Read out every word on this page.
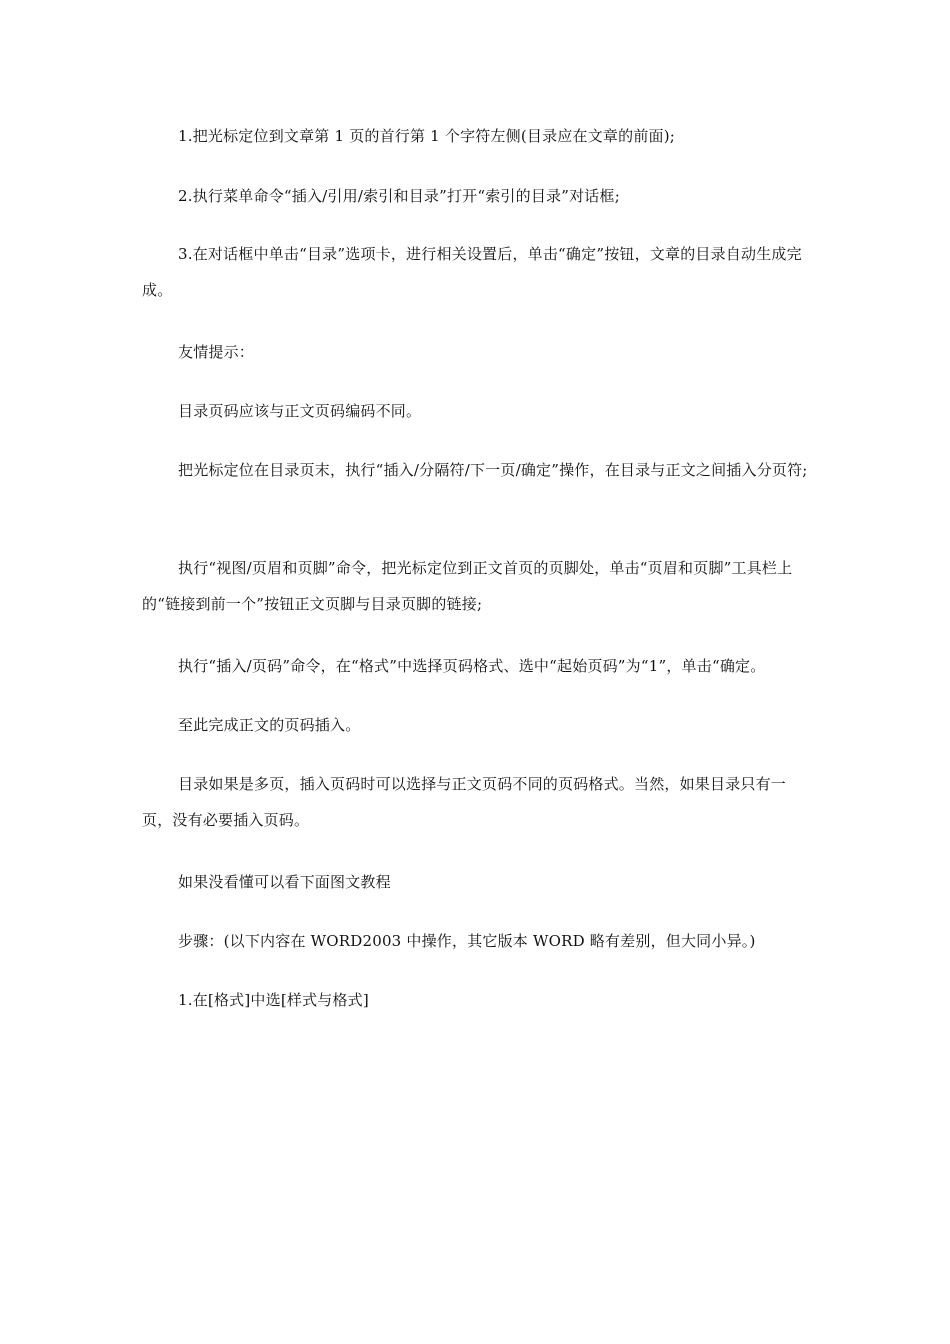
1.把光标定位到文章第 1 页的首行第 1 个字符左侧(目录应在文章的前面);

2.执行菜单命令“插入/引用/索引和目录”打开“索引的目录”对话框;

3.在对话框中单击“目录”选项卡，进行相关设置后，单击“确定”按钮，文章的目录自动生成完成。

友情提示：

目录页码应该与正文页码编码不同。

把光标定位在目录页末，执行“插入/分隔符/下一页/确定”操作，在目录与正文之间插入分页符;

执行“视图/页眉和页脚”命令，把光标定位到正文首页的页脚处，单击“页眉和页脚”工具栏上的“链接到前一个”按钮正文页脚与目录页脚的链接;

执行“插入/页码”命令，在“格式”中选择页码格式、选中“起始页码”为“1”，单击“确定。

至此完成正文的页码插入。

目录如果是多页，插入页码时可以选择与正文页码不同的页码格式。当然，如果目录只有一页，没有必要插入页码。

如果没看懂可以看下面图文教程

步骤：(以下内容在 WORD2003 中操作，其它版本 WORD 略有差别，但大同小异。)

1.在[格式]中选[样式与格式]
